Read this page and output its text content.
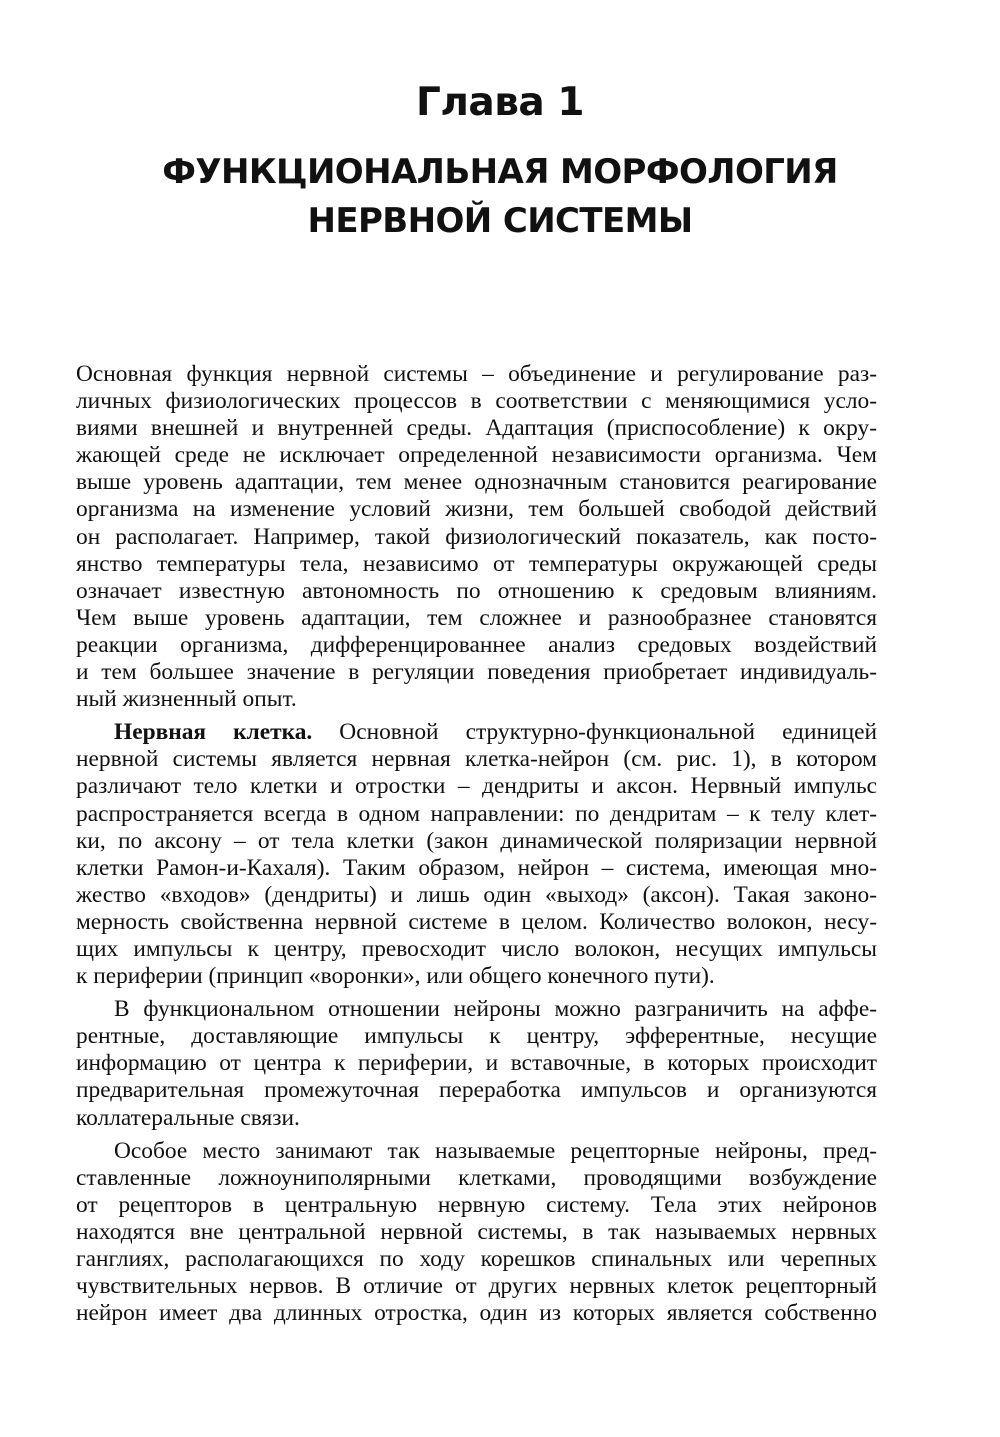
Глава 1
ФУНКЦИОНАЛЬНАЯ МОРФОЛОГИЯ
НЕРВНОЙ СИСТЕМЫ
Основная функция нервной системы – объединение и регулирование раз-
личных физиологических процессов в соответствии с меняющимися усло-
виями внешней и внутренней среды. Адаптация (приспособление) к окру-
жающей среде не исключает определенной независимости организма. Чем
выше уровень адаптации, тем менее однозначным становится реагирование
организма на изменение условий жизни, тем большей свободой действий
он располагает. Например, такой физиологический показатель, как посто-
янство температуры тела, независимо от температуры окружающей среды
означает известную автономность по отношению к средовым влияниям.
Чем выше уровень адаптации, тем сложнее и разнообразнее становятся
реакции организма, дифференцированнее анализ средовых воздействий
и тем большее значение в регуляции поведения приобретает индивидуаль-
ный жизненный опыт.
Нервная клетка. Основной структурно-функциональной единицей
нервной системы является нервная клетка-нейрон (см. рис. 1), в котором
различают тело клетки и отростки – дендриты и аксон. Нервный импульс
распространяется всегда в одном направлении: по дендритам – к телу клет-
ки, по аксону – от тела клетки (закон динамической поляризации нервной
клетки Рамон-и-Кахаля). Таким образом, нейрон – система, имеющая мно-
жество «входов» (дендриты) и лишь один «выход» (аксон). Такая законо-
мерность свойственна нервной системе в целом. Количество волокон, несу-
щих импульсы к центру, превосходит число волокон, несущих импульсы
к периферии (принцип «воронки», или общего конечного пути).
В функциональном отношении нейроны можно разграничить на аффе-
рентные, доставляющие импульсы к центру, эфферентные, несущие
информацию от центра к периферии, и вставочные, в которых происходит
предварительная промежуточная переработка импульсов и организуются
коллатеральные связи.
Особое место занимают так называемые рецепторные нейроны, пред-
ставленные ложноуниполярными клетками, проводящими возбуждение
от рецепторов в центральную нервную систему. Тела этих нейронов
находятся вне центральной нервной системы, в так называемых нервных
ганглиях, располагающихся по ходу корешков спинальных или черепных
чувствительных нервов. В отличие от других нервных клеток рецепторный
нейрон имеет два длинных отростка, один из которых является собственно
